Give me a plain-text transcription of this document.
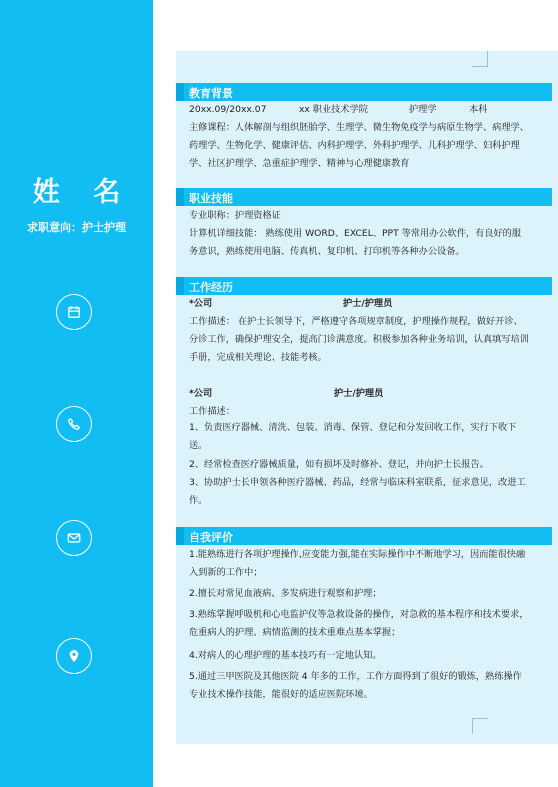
姓 名
求职意向：护士护理
教育背景
20xx.09/20xx.07	xx 职业技术学院	护理学	本科
主修课程：人体解剖与组织胚胎学、生理学、微生物免疫学与病原生物学、病理学、药理学、生物化学、健康评估、内科护理学、外科护理学、儿科护理学、妇科护理学、社区护理学、急重症护理学、精神与心理健康教育
职业技能
专业职称：护理资格证
计算机详细技能： 熟练使用 WORD、EXCEL、PPT 等常用办公软件，有良好的服务意识，熟练使用电脑、传真机、复印机、打印机等各种办公设备。
工作经历
*公司	护士/护理员
工作描述： 在护士长领导下，严格遵守各项规章制度，护理操作规程，做好开诊、分诊工作，确保护理安全，提高门诊满意度。积极参加各种业务培训，认真填写培训手册，完成相关理论、技能考核。
*公司	护士/护理员
工作描述：
1、负责医疗器械、清洗、包装、消毒、保管、登记和分发回收工作，实行下收下送。
2、经常检查医疗器械质量，如有损坏及时修补、登记，并向护士长报告。
3、协助护士长申领各种医疗器械、药品，经常与临床科室联系，征求意见，改进工作。
自我评价
1.能熟练进行各项护理操作,应变能力强,能在实际操作中不断地学习，因而能很快融入到新的工作中；
2.擅长对常见血液病、多发病进行观察和护理；
3.熟练掌握呼吸机和心电监护仪等急救设备的操作，对急救的基本程序和技术要求，危重病人的护理、病情监测的技术重难点基本掌握；
4.对病人的心理护理的基本技巧有一定地认知。
5.通过三甲医院及其他医院 4 年多的工作，工作方面得到了很好的锻炼，熟练操作专业技术操作技能，能很好的适应医院环境。
